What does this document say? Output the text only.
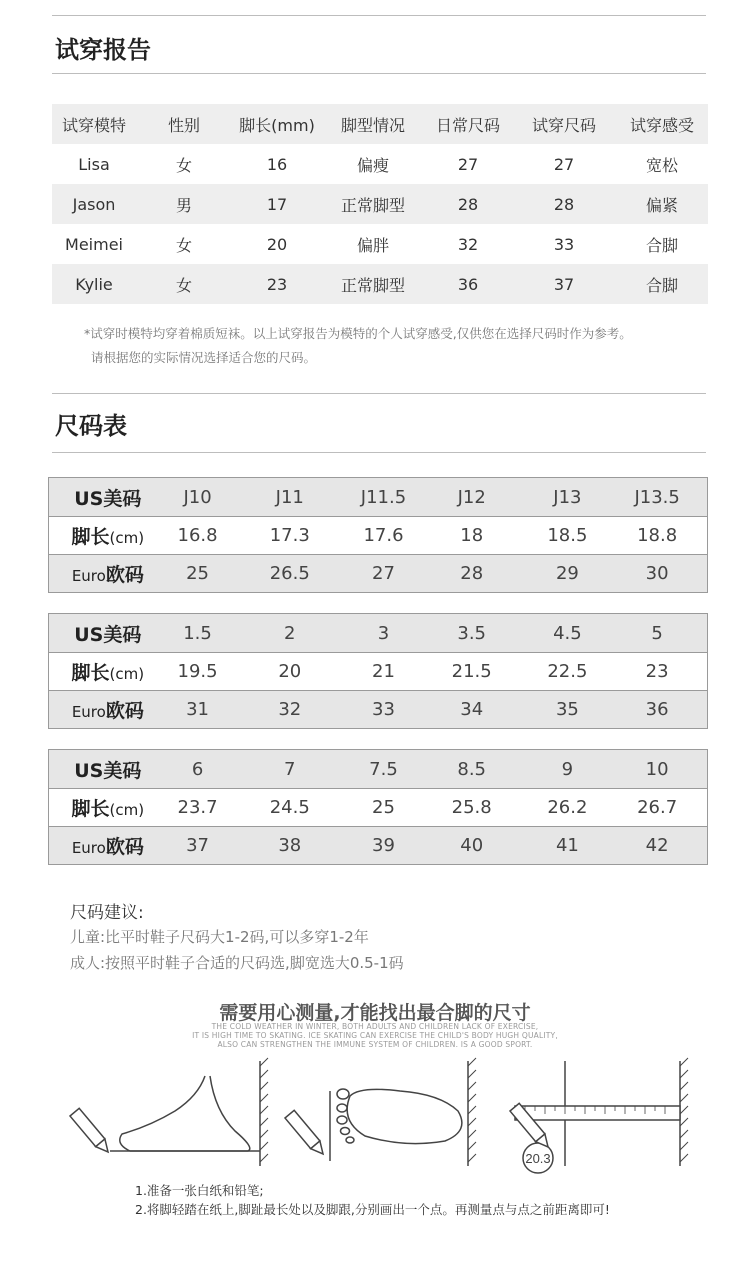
试穿报告
试穿模特	性别	脚长(mm)	脚型情况	日常尺码	试穿尺码	试穿感受
Lisa	女	16	偏瘦	27	27	宽松
Jason	男	17	正常脚型	28	28	偏紧
Meimei	女	20	偏胖	32	33	合脚
Kylie	女	23	正常脚型	36	37	合脚
*试穿时模特均穿着棉质短袜。以上试穿报告为模特的个人试穿感受,仅供您在选择尺码时作为参考。
请根据您的实际情况选择适合您的尺码。
尺码表
US美码	J10	J11	J11.5	J12	J13	J13.5
脚长(cm)	16.8	17.3	17.6	18	18.5	18.8
Euro欧码	25	26.5	27	28	29	30
US美码	1.5	2	3	3.5	4.5	5
脚长(cm)	19.5	20	21	21.5	22.5	23
Euro欧码	31	32	33	34	35	36
US美码	6	7	7.5	8.5	9	10
脚长(cm)	23.7	24.5	25	25.8	26.2	26.7
Euro欧码	37	38	39	40	41	42
尺码建议:
儿童:比平时鞋子尺码大1-2码,可以多穿1-2年
成人:按照平时鞋子合适的尺码选,脚宽选大0.5-1码
需要用心测量,才能找出最合脚的尺寸
THE COLD WEATHER IN WINTER, BOTH ADULTS AND CHILDREN LACK OF EXERCISE,
IT IS HIGH TIME TO SKATING. ICE SKATING CAN EXERCISE THE CHILD'S BODY HUGH QUALITY,
ALSO CAN STRENGTHEN THE IMMUNE SYSTEM OF CHILDREN. IS A GOOD SPORT.
20.3
1.准备一张白纸和铅笔;
2.将脚轻踏在纸上,脚趾最长处以及脚跟,分别画出一个点。再测量点与点之前距离即可!
